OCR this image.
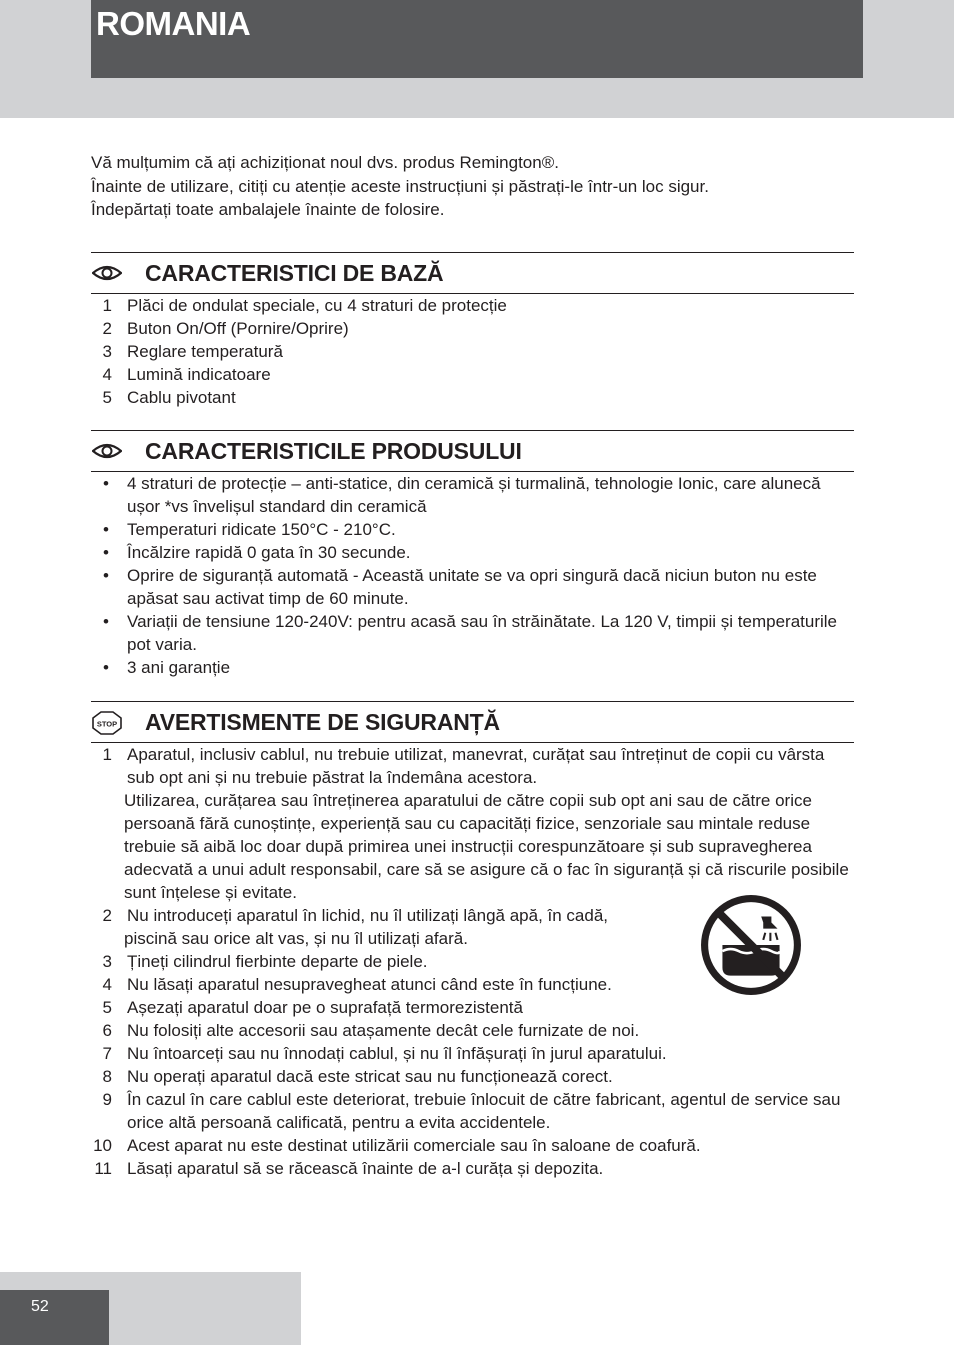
ROMANIA

Vă mulțumim că ați achiziționat noul dvs. produs Remington®.

Înainte de utilizare, citiți cu atenție aceste instrucțiuni și păstrați-le într-un loc sigur.

Îndepărtați toate ambalajele înainte de folosire.

CARACTERISTICI DE BAZĂ
1 Plăci de ondulat speciale, cu 4 straturi de protecție
2 Buton On/Off (Pornire/Oprire)
3 Reglare temperatură
4 Lumină indicatoare
5 Cablu pivotant
CARACTERISTICILE PRODUSULUI
• 4 straturi de protecție – anti-statice, din ceramică și turmalină, tehnologie Ionic, care alunecă ușor *vs învelișul standard din ceramică
• Temperaturi ridicate 150°C - 210°C.
• Încălzire rapidă 0 gata în 30 secunde.
• Oprire de siguranță automată - Această unitate se va opri singură dacă niciun buton nu este apăsat sau activat timp de 60 minute.
• Variații de tensiune 120-240V: pentru acasă sau în străinătate. La 120 V, timpii și temperaturile pot varia.
• 3 ani garanție
STOP AVERTISMENTE DE SIGURANȚĂ
1 Aparatul, inclusiv cablul, nu trebuie utilizat, manevrat, curățat sau întreținut de copii cu vârsta sub opt ani și nu trebuie păstrat la îndemâna acestora.
Utilizarea, curățarea sau întreținerea aparatului de către copii sub opt ani sau de către orice persoană fără cunoștințe, experiență sau cu capacități fizice, senzoriale sau mintale reduse trebuie să aibă loc doar după primirea unei instrucții corespunzătoare și sub supravegherea adecvată a unui adult responsabil, care să se asigure că o fac în siguranță și că riscurile posibile sunt înțelese și evitate.
2 Nu introduceți aparatul în lichid, nu îl utilizați lângă apă, în cadă,
piscină sau orice alt vas, și nu îl utilizați afară.
3 Țineți cilindrul fierbinte departe de piele.
4 Nu lăsați aparatul nesupravegheat atunci când este în funcțiune.
5 Așezați aparatul doar pe o suprafață termorezistentă
6 Nu folosiți alte accesorii sau atașamente decât cele furnizate de noi.
7 Nu întoarceți sau nu înnodați cablul, și nu îl înfășurați în jurul aparatului.
8 Nu operați aparatul dacă este stricat sau nu funcționează corect.
9 În cazul în care cablul este deteriorat, trebuie înlocuit de către fabricant, agentul de service sau orice altă persoană calificată, pentru a evita accidentele.
10 Acest aparat nu este destinat utilizării comerciale sau în saloane de coafură.
11 Lăsați aparatul să se răcească înainte de a-l curăța și depozita.
52
